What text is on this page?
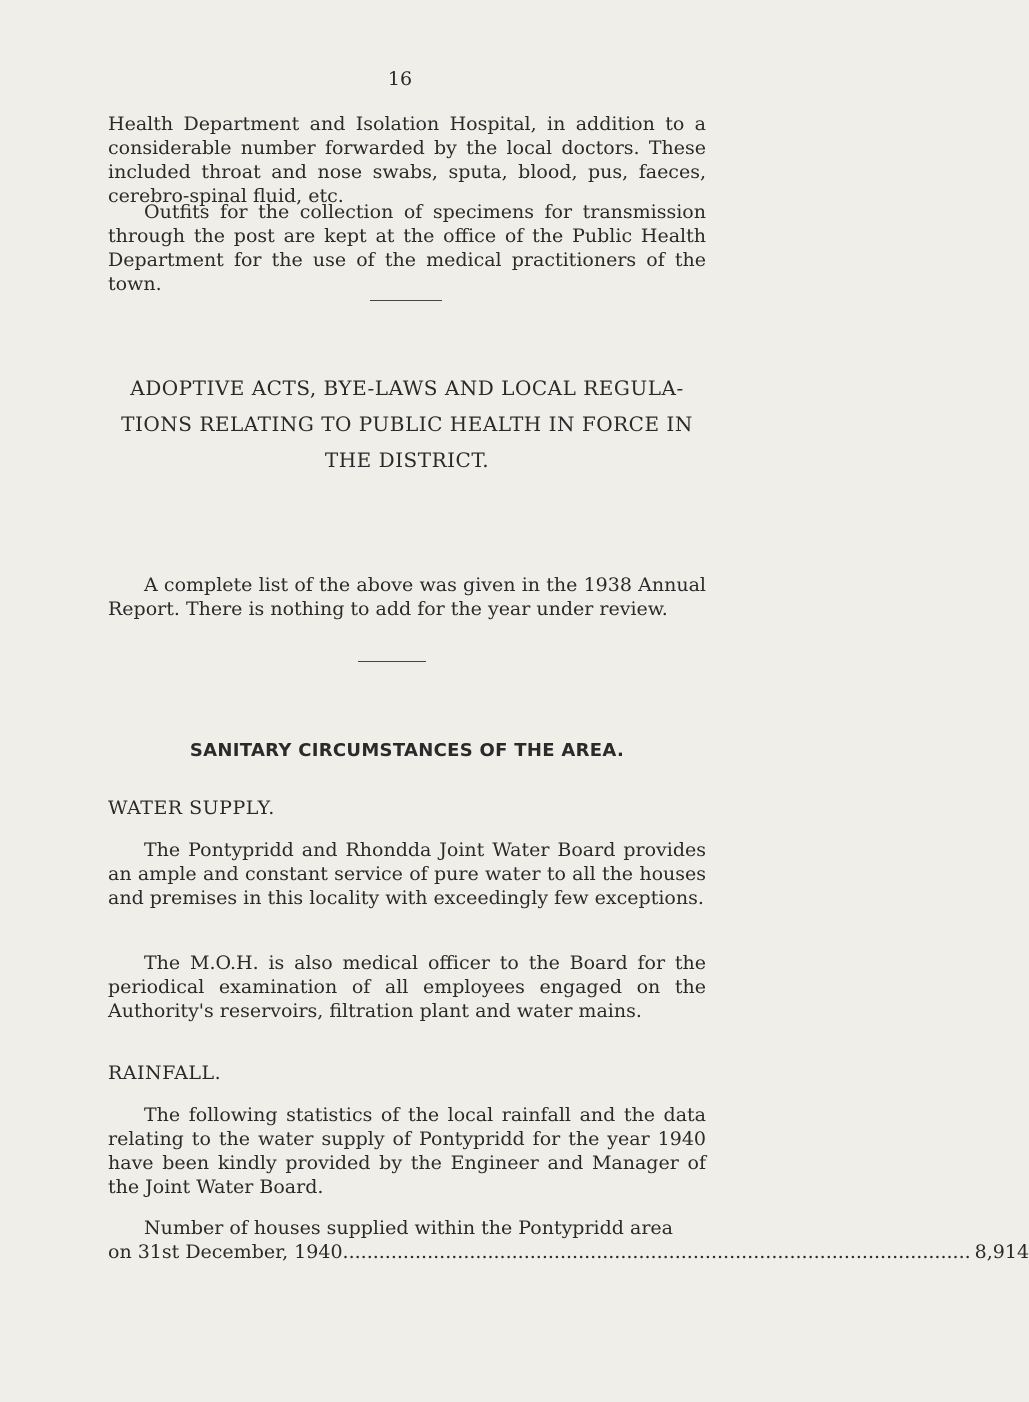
16

Health Department and Isolation Hospital, in addition to a considerable number forwarded by the local doctors. These included throat and nose swabs, sputa, blood, pus, faeces, cerebro-spinal fluid, etc.

Outfits for the collection of specimens for transmission through the post are kept at the office of the Public Health Department for the use of the medical practitioners of the town.

ADOPTIVE ACTS, BYE-LAWS AND LOCAL REGULA-
TIONS RELATING TO PUBLIC HEALTH IN FORCE IN
THE DISTRICT.

A complete list of the above was given in the 1938 Annual Report. There is nothing to add for the year under review.

SANITARY CIRCUMSTANCES OF THE AREA.
WATER SUPPLY.

The Pontypridd and Rhondda Joint Water Board provides an ample and constant service of pure water to all the houses and premises in this locality with exceedingly few exceptions.

The M.O.H. is also medical officer to the Board for the periodical examination of all employees engaged on the Authority's reservoirs, filtration plant and water mains.

RAINFALL.

The following statistics of the local rainfall and the data relating to the water supply of Pontypridd for the year 1940 have been kindly provided by the Engineer and Manager of the Joint Water Board.

Number of houses supplied within the Pontypridd area

on 31st December, 1940 ........................................................................................................ 8,914
